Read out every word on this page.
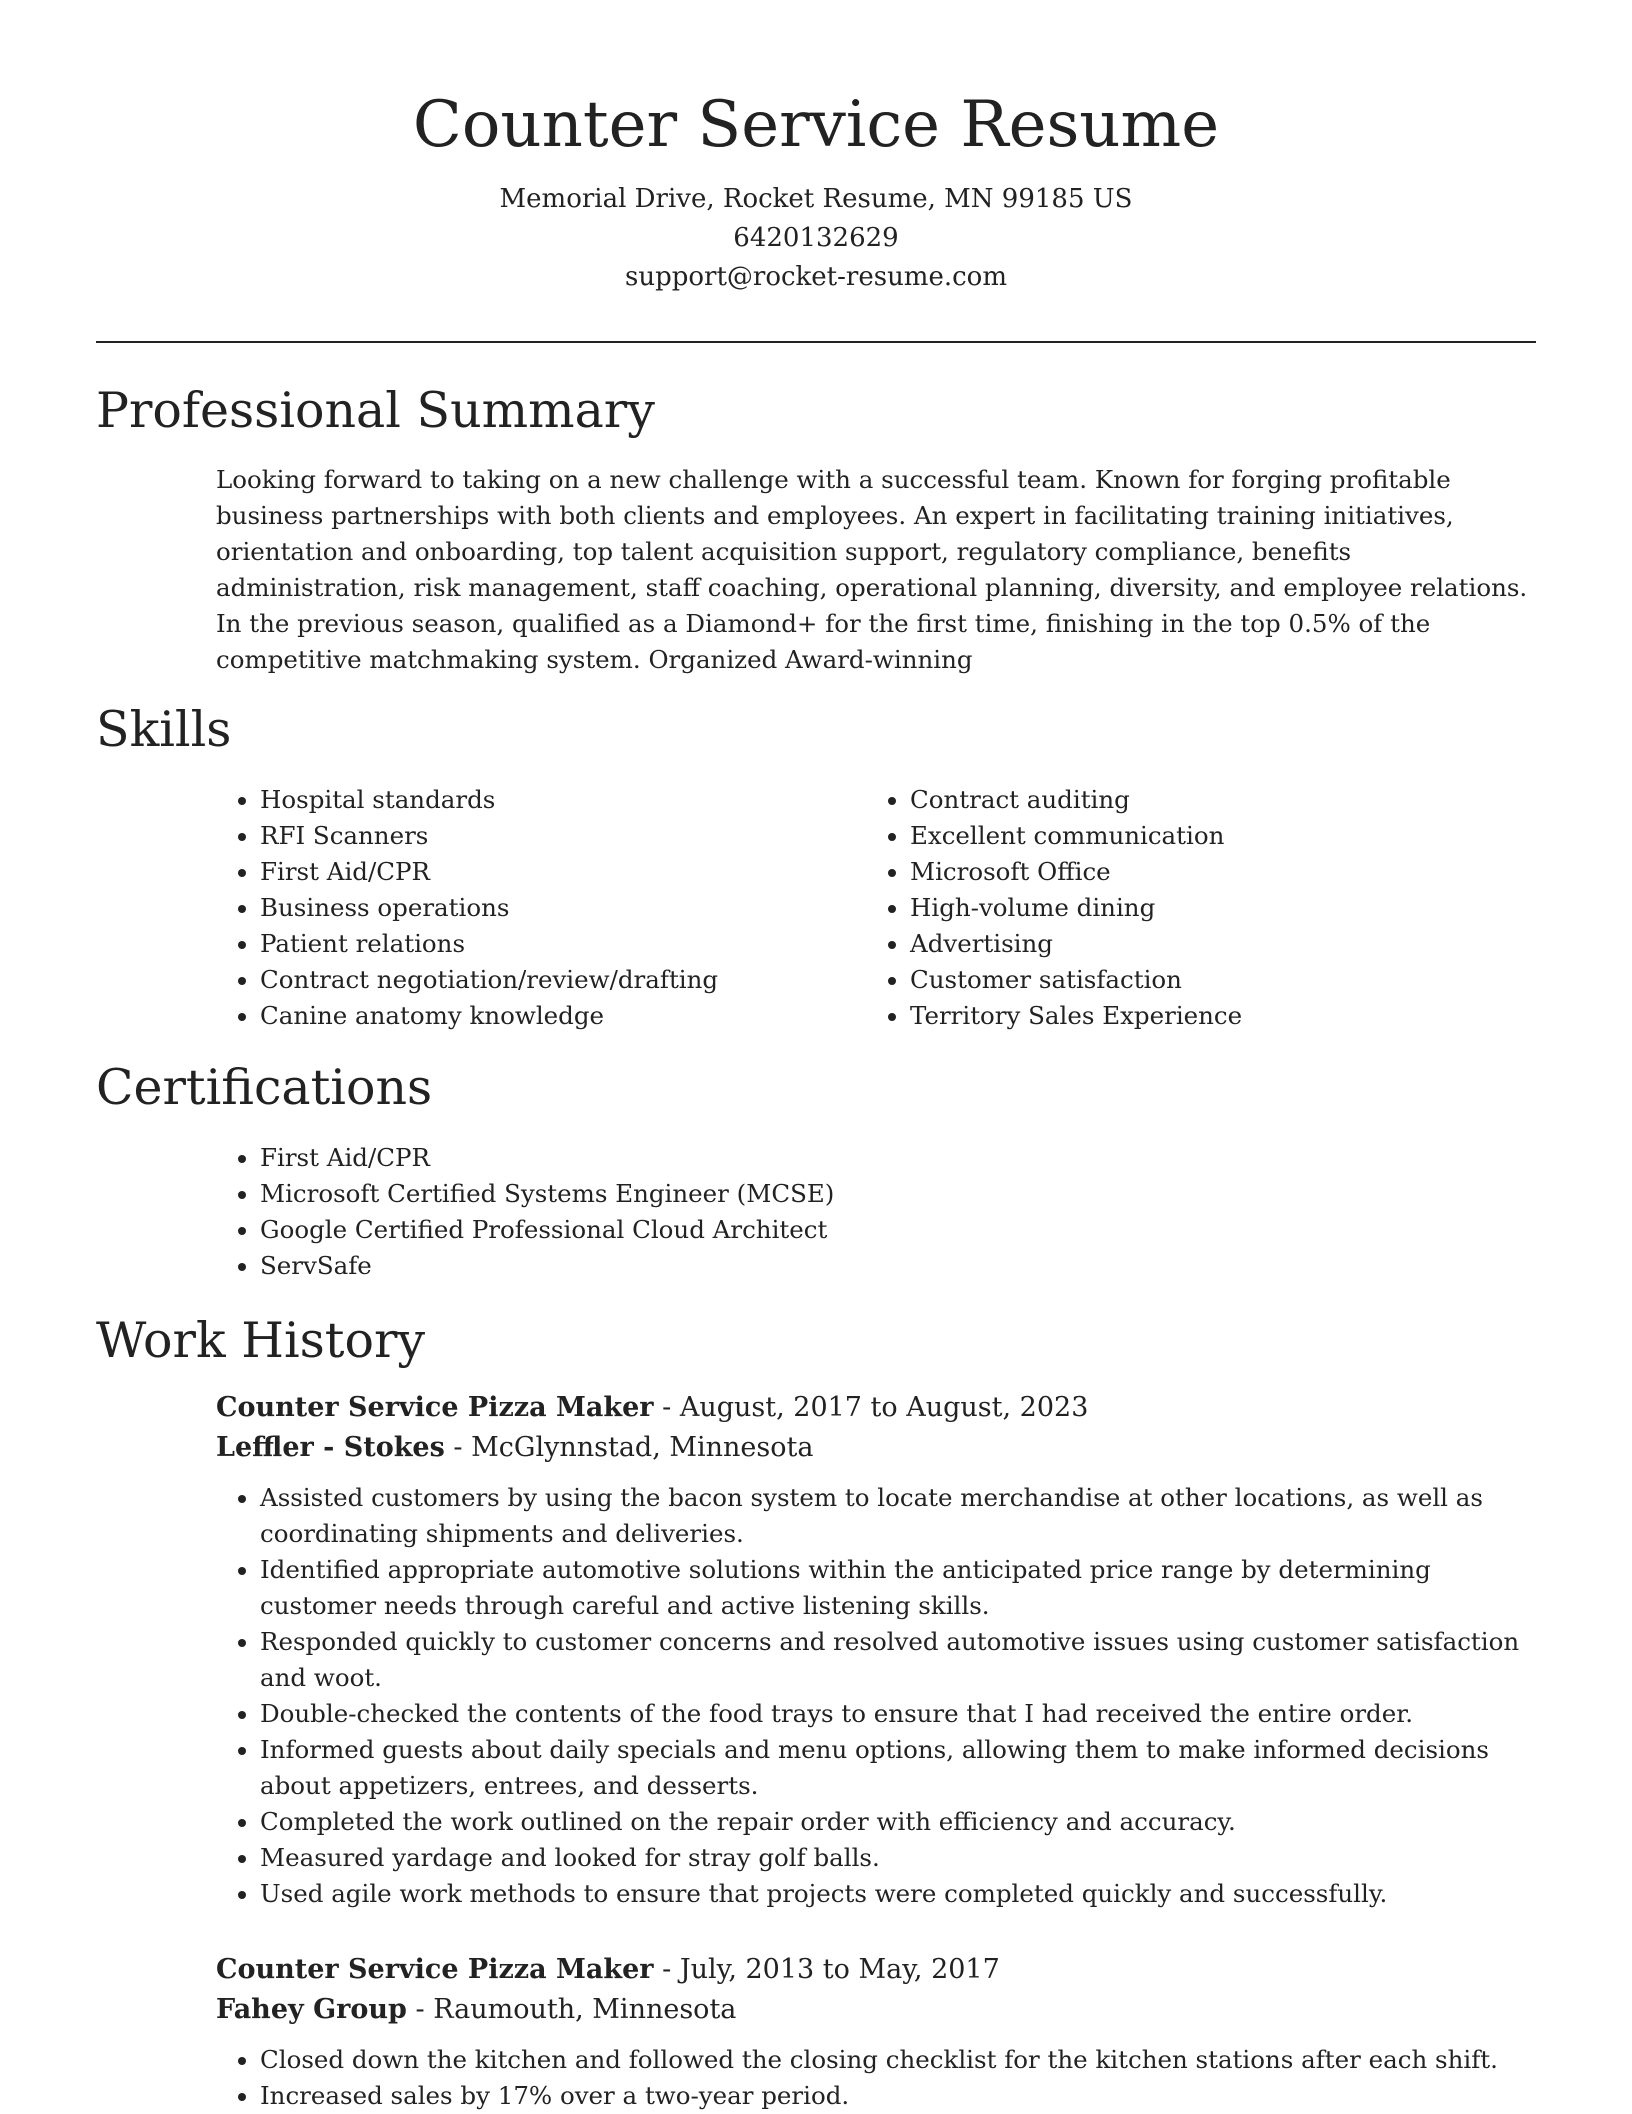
Counter Service Resume
Memorial Drive, Rocket Resume, MN 99185 US
6420132629
support@rocket-resume.com
Professional Summary

Looking forward to taking on a new challenge with a successful team. Known for forging profitable business partnerships with both clients and employees. An expert in facilitating training initiatives, orientation and onboarding, top talent acquisition support, regulatory compliance, benefits administration, risk management, staff coaching, operational planning, diversity, and employee relations. In the previous season, qualified as a Diamond+ for the first time, finishing in the top 0.5% of the competitive matchmaking system. Organized Award-winning

Skills
• Hospital standards
• RFI Scanners
• First Aid/CPR
• Business operations
• Patient relations
• Contract negotiation/review/drafting
• Canine anatomy knowledge
• Contract auditing
• Excellent communication
• Microsoft Office
• High-volume dining
• Advertising
• Customer satisfaction
• Territory Sales Experience
Certifications
• First Aid/CPR
• Microsoft Certified Systems Engineer (MCSE)
• Google Certified Professional Cloud Architect
• ServSafe
Work History
Counter Service Pizza Maker - August, 2017 to August, 2023
Leffler - Stokes - McGlynnstad, Minnesota
• Assisted customers by using the bacon system to locate merchandise at other locations, as well as coordinating shipments and deliveries.
• Identified appropriate automotive solutions within the anticipated price range by determining customer needs through careful and active listening skills.
• Responded quickly to customer concerns and resolved automotive issues using customer satisfaction and woot.
• Double-checked the contents of the food trays to ensure that I had received the entire order.
• Informed guests about daily specials and menu options, allowing them to make informed decisions about appetizers, entrees, and desserts.
• Completed the work outlined on the repair order with efficiency and accuracy.
• Measured yardage and looked for stray golf balls.
• Used agile work methods to ensure that projects were completed quickly and successfully.
Counter Service Pizza Maker - July, 2013 to May, 2017
Fahey Group - Raumouth, Minnesota
• Closed down the kitchen and followed the closing checklist for the kitchen stations after each shift.
• Increased sales by 17% over a two-year period.
